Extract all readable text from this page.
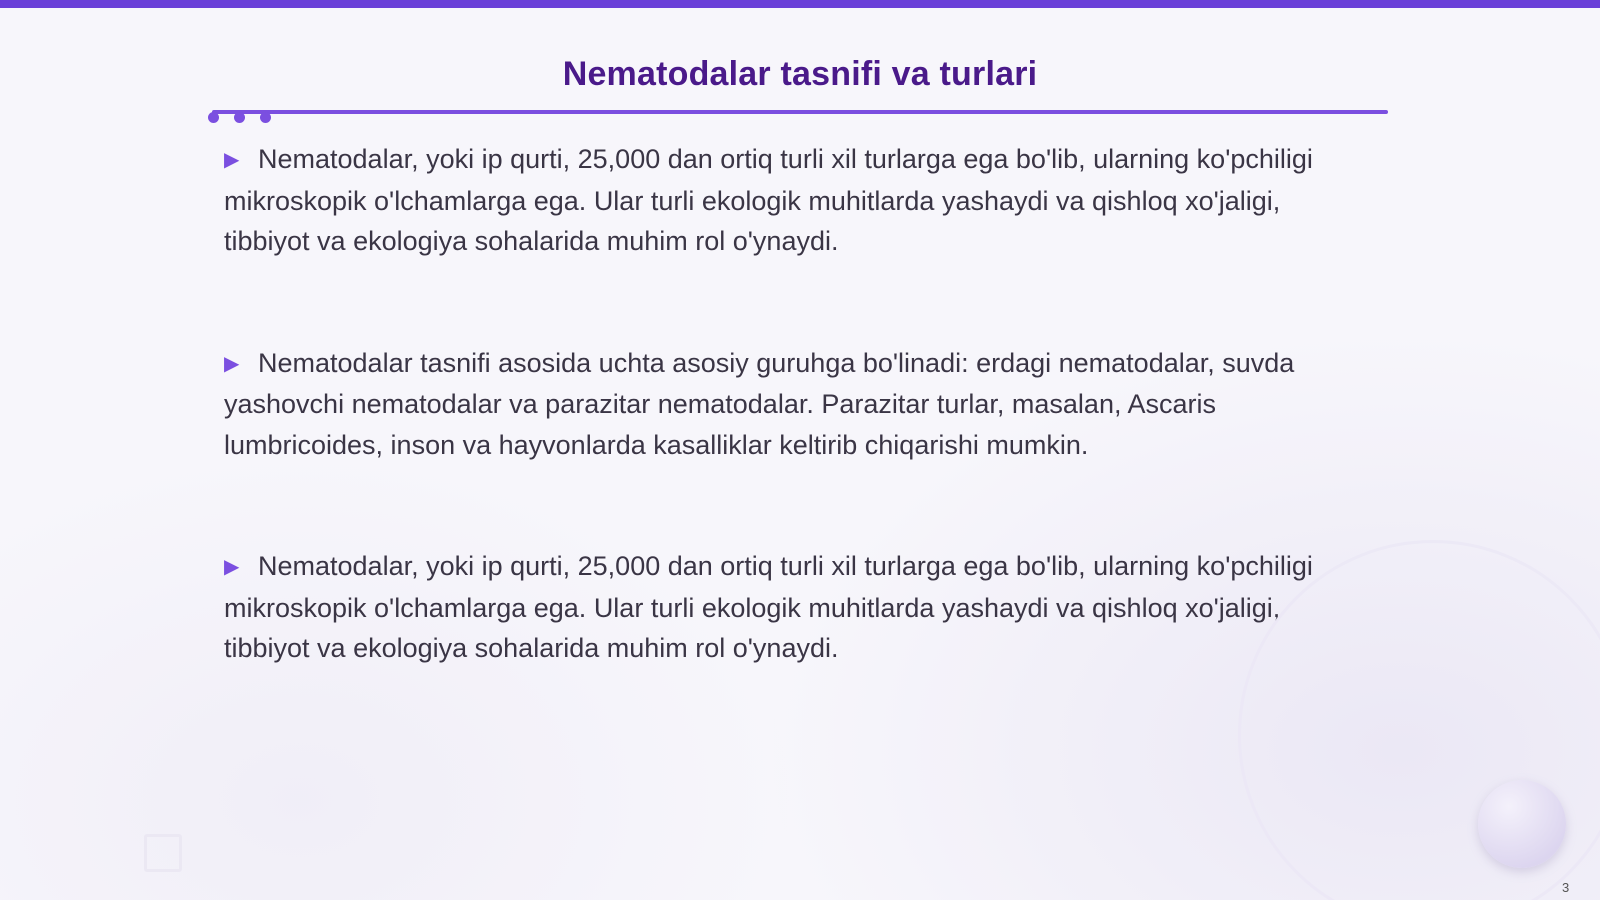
Nematodalar tasnifi va turlari

▶ Nematodalar, yoki ip qurti, 25,000 dan ortiq turli xil turlarga ega bo'lib, ularning ko'pchiligi mikroskopik o'lchamlarga ega. Ular turli ekologik muhitlarda yashaydi va qishloq xo'jaligi, tibbiyot va ekologiya sohalarida muhim rol o'ynaydi.

▶ Nematodalar tasnifi asosida uchta asosiy guruhga bo'linadi: erdagi nematodalar, suvda yashovchi nematodalar va parazitar nematodalar. Parazitar turlar, masalan, Ascaris lumbricoides, inson va hayvonlarda kasalliklar keltirib chiqarishi mumkin.

▶ Nematodalar, yoki ip qurti, 25,000 dan ortiq turli xil turlarga ega bo'lib, ularning ko'pchiligi mikroskopik o'lchamlarga ega. Ular turli ekologik muhitlarda yashaydi va qishloq xo'jaligi, tibbiyot va ekologiya sohalarida muhim rol o'ynaydi.

3
